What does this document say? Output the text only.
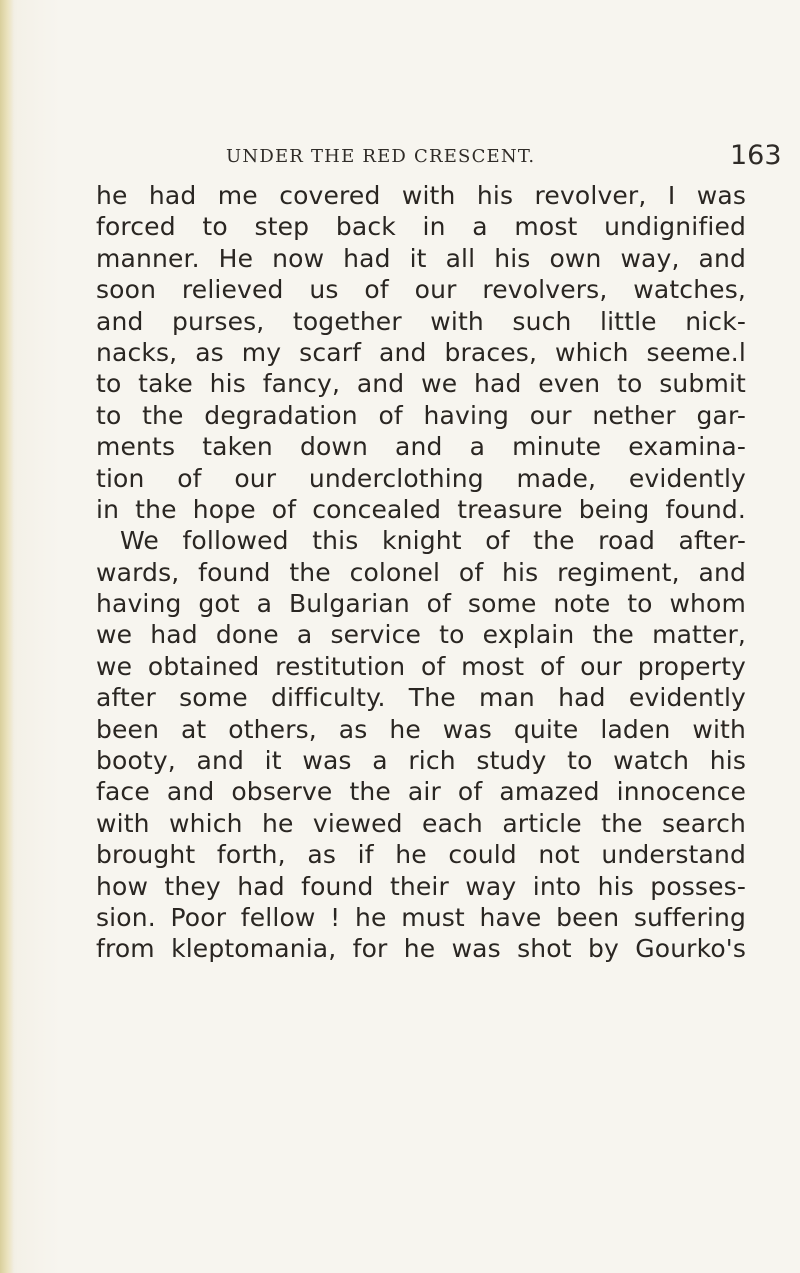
UNDER THE RED CRESCENT.	163
he had me covered with his revolver, I was
forced to step back in a most undignified
manner. He now had it all his own way, and
soon relieved us of our revolvers, watches,
and purses, together with such little nick-
nacks, as my scarf and braces, which seeme.l
to take his fancy, and we had even to submit
to the degradation of having our nether gar-
ments taken down and a minute examina-
tion of our underclothing made, evidently
in the hope of concealed treasure being found.
We followed this knight of the road after-
wards, found the colonel of his regiment, and
having got a Bulgarian of some note to whom
we had done a service to explain the matter,
we obtained restitution of most of our property
after some difficulty. The man had evidently
been at others, as he was quite laden with
booty, and it was a rich study to watch his
face and observe the air of amazed innocence
with which he viewed each article the search
brought forth, as if he could not understand
how they had found their way into his posses-
sion. Poor fellow ! he must have been suffering
from kleptomania, for he was shot by Gourko's
